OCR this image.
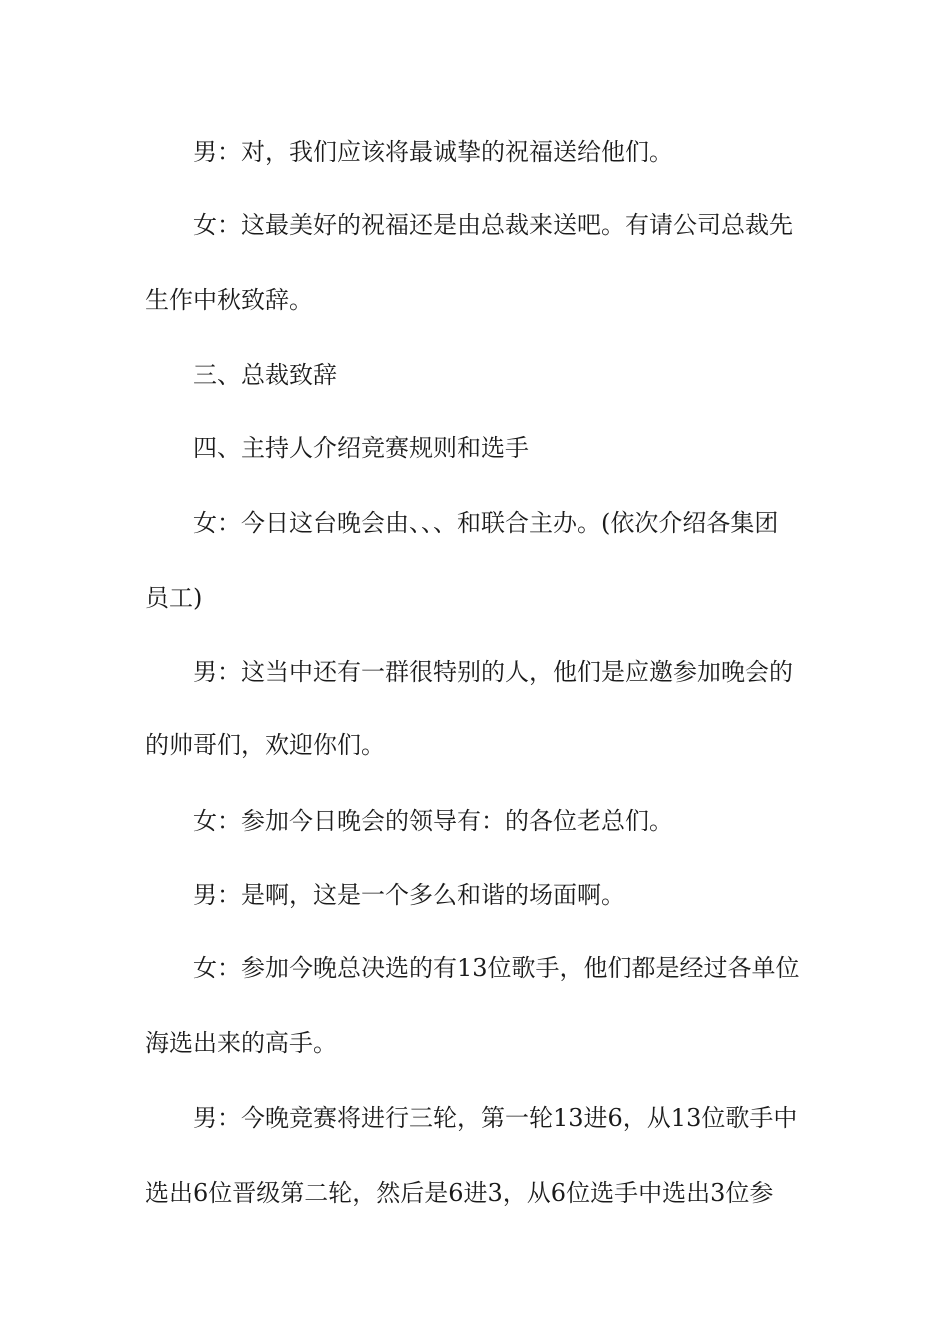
男：对，我们应该将最诚挚的祝福送给他们。
女：这最美好的祝福还是由总裁来送吧。有请公司总裁先
生作中秋致辞。
三、总裁致辞
四、主持人介绍竞赛规则和选手
女：今日这台晚会由、、、和联合主办。(依次介绍各集团
员工)
男：这当中还有一群很特别的人，他们是应邀参加晚会的
的帅哥们，欢迎你们。
女：参加今日晚会的领导有：的各位老总们。
男：是啊，这是一个多么和谐的场面啊。
女：参加今晚总决选的有13位歌手，他们都是经过各单位
海选出来的高手。
男：今晚竞赛将进行三轮，第一轮13进6，从13位歌手中
选出6位晋级第二轮，然后是6进3，从6位选手中选出3位参
